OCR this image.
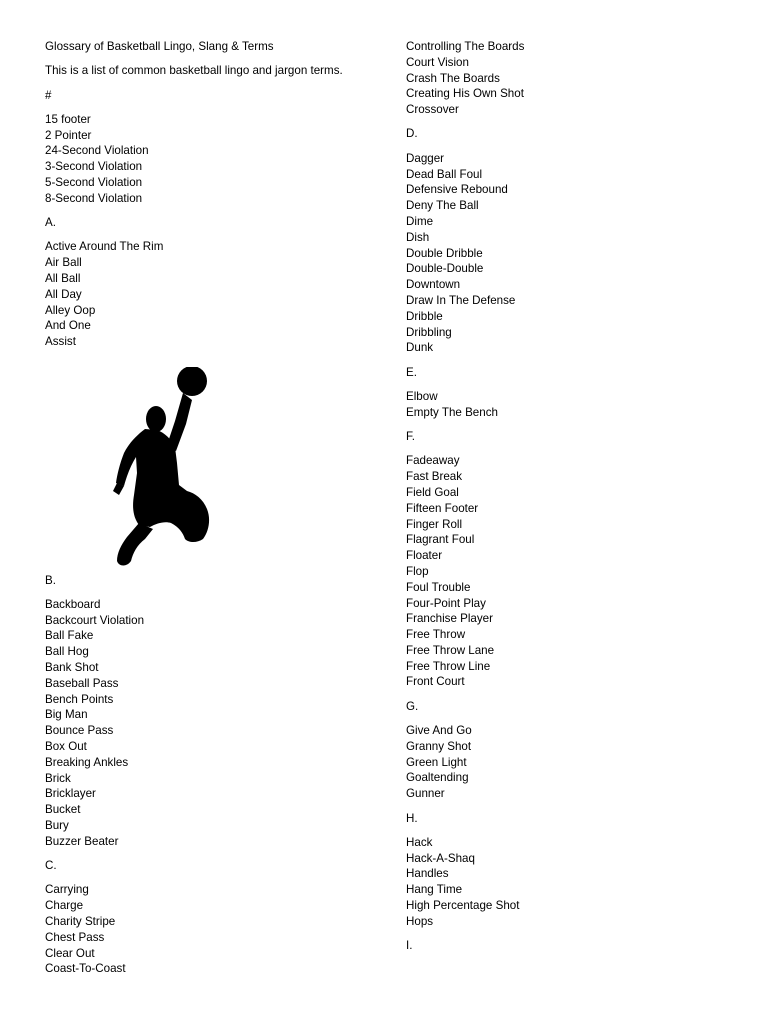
Glossary of Basketball Lingo, Slang & Terms
This is a list of common basketball lingo and jargon terms.
#
15 footer
2 Pointer
24-Second Violation
3-Second Violation
5-Second Violation
8-Second Violation
A.
Active Around The Rim
Air Ball
All Ball
All Day
Alley Oop
And One
Assist
B.
Backboard
Backcourt Violation
Ball Fake
Ball Hog
Bank Shot
Baseball Pass
Bench Points
Big Man
Bounce Pass
Box Out
Breaking Ankles
Brick
Bricklayer
Bucket
Bury
Buzzer Beater
C.
Carrying
Charge
Charity Stripe
Chest Pass
Clear Out
Coast-To-Coast
Controlling The Boards
Court Vision
Crash The Boards
Creating His Own Shot
Crossover
D.
Dagger
Dead Ball Foul
Defensive Rebound
Deny The Ball
Dime
Dish
Double Dribble
Double-Double
Downtown
Draw In The Defense
Dribble
Dribbling
Dunk
E.
Elbow
Empty The Bench
F.
Fadeaway
Fast Break
Field Goal
Fifteen Footer
Finger Roll
Flagrant Foul
Floater
Flop
Foul Trouble
Four-Point Play
Franchise Player
Free Throw
Free Throw Lane
Free Throw Line
Front Court
G.
Give And Go
Granny Shot
Green Light
Goaltending
Gunner
H.
Hack
Hack-A-Shaq
Handles
Hang Time
High Percentage Shot
Hops
I.
